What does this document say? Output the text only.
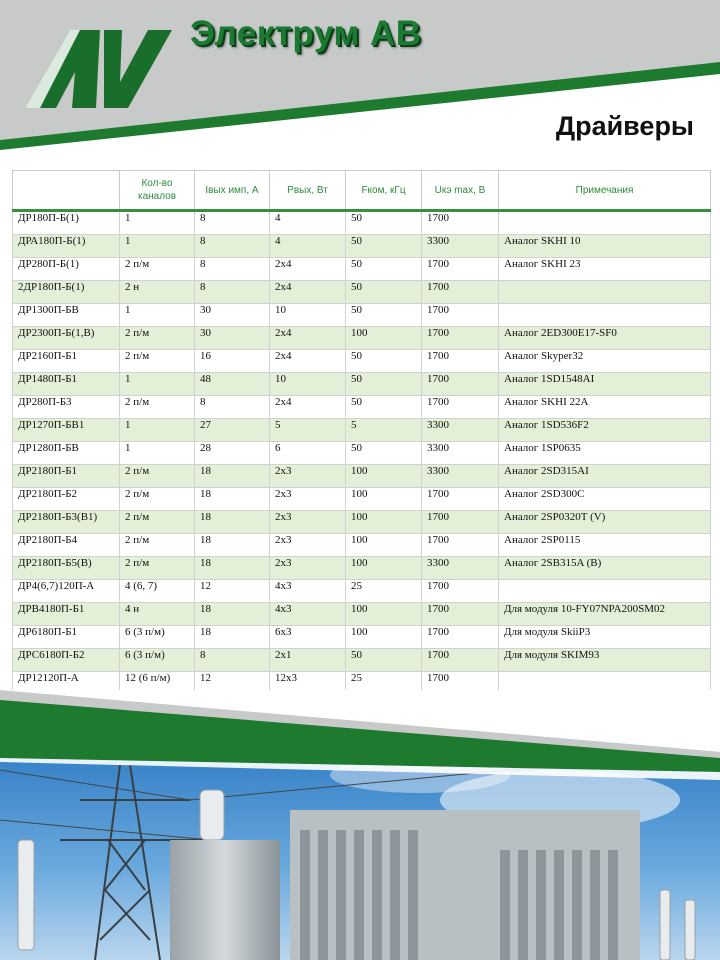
Электрум АВ
Драйверы
	Кол-во каналов	Iвых имп, А	Pвых, Вт	Fком, кГц	Uкэ max, В	Примечания
ДР180П-Б(1)	1	8	4	50	1700	
ДРА180П-Б(1)	1	8	4	50	3300	Аналог SKHI 10
ДР280П-Б(1)	2 п/м	8	2x4	50	1700	Аналог SKHI 23
2ДР180П-Б(1)	2 н	8	2x4	50	1700	
ДР1300П-БВ	1	30	10	50	1700	
ДР2300П-Б(1,В)	2 п/м	30	2x4	100	1700	Аналог 2ED300E17-SF0
ДР2160П-Б1	2 п/м	16	2x4	50	1700	Аналог Skyper32
ДР1480П-Б1	1	48	10	50	1700	Аналог 1SD1548AI
ДР280П-Б3	2 п/м	8	2x4	50	1700	Аналог SKHI 22A
ДР1270П-БВ1	1	27	5	5	3300	Аналог 1SD536F2
ДР1280П-БВ	1	28	6	50	3300	Аналог 1SP0635
ДР2180П-Б1	2 п/м	18	2x3	100	3300	Аналог 2SD315AI
ДР2180П-Б2	2 п/м	18	2x3	100	1700	Аналог 2SD300C
ДР2180П-Б3(В1)	2 п/м	18	2x3	100	1700	Аналог 2SP0320T (V)
ДР2180П-Б4	2 п/м	18	2x3	100	1700	Аналог 2SP0115
ДР2180П-Б5(В)	2 п/м	18	2x3	100	3300	Аналог 2SB315A (В)
ДР4(6,7)120П-А	4 (6, 7)	12	4x3	25	1700	
ДРВ4180П-Б1	4 н	18	4x3	100	1700	Для модуля 10-FY07NPA200SM02
ДР6180П-Б1	6 (3 п/м)	18	6x3	100	1700	Для модуля SkiiP3
ДРС6180П-Б2	6 (3 п/м)	8	2x1	50	1700	Для модуля SKIM93
ДР12120П-А	12 (6 п/м)	12	12x3	25	1700	
